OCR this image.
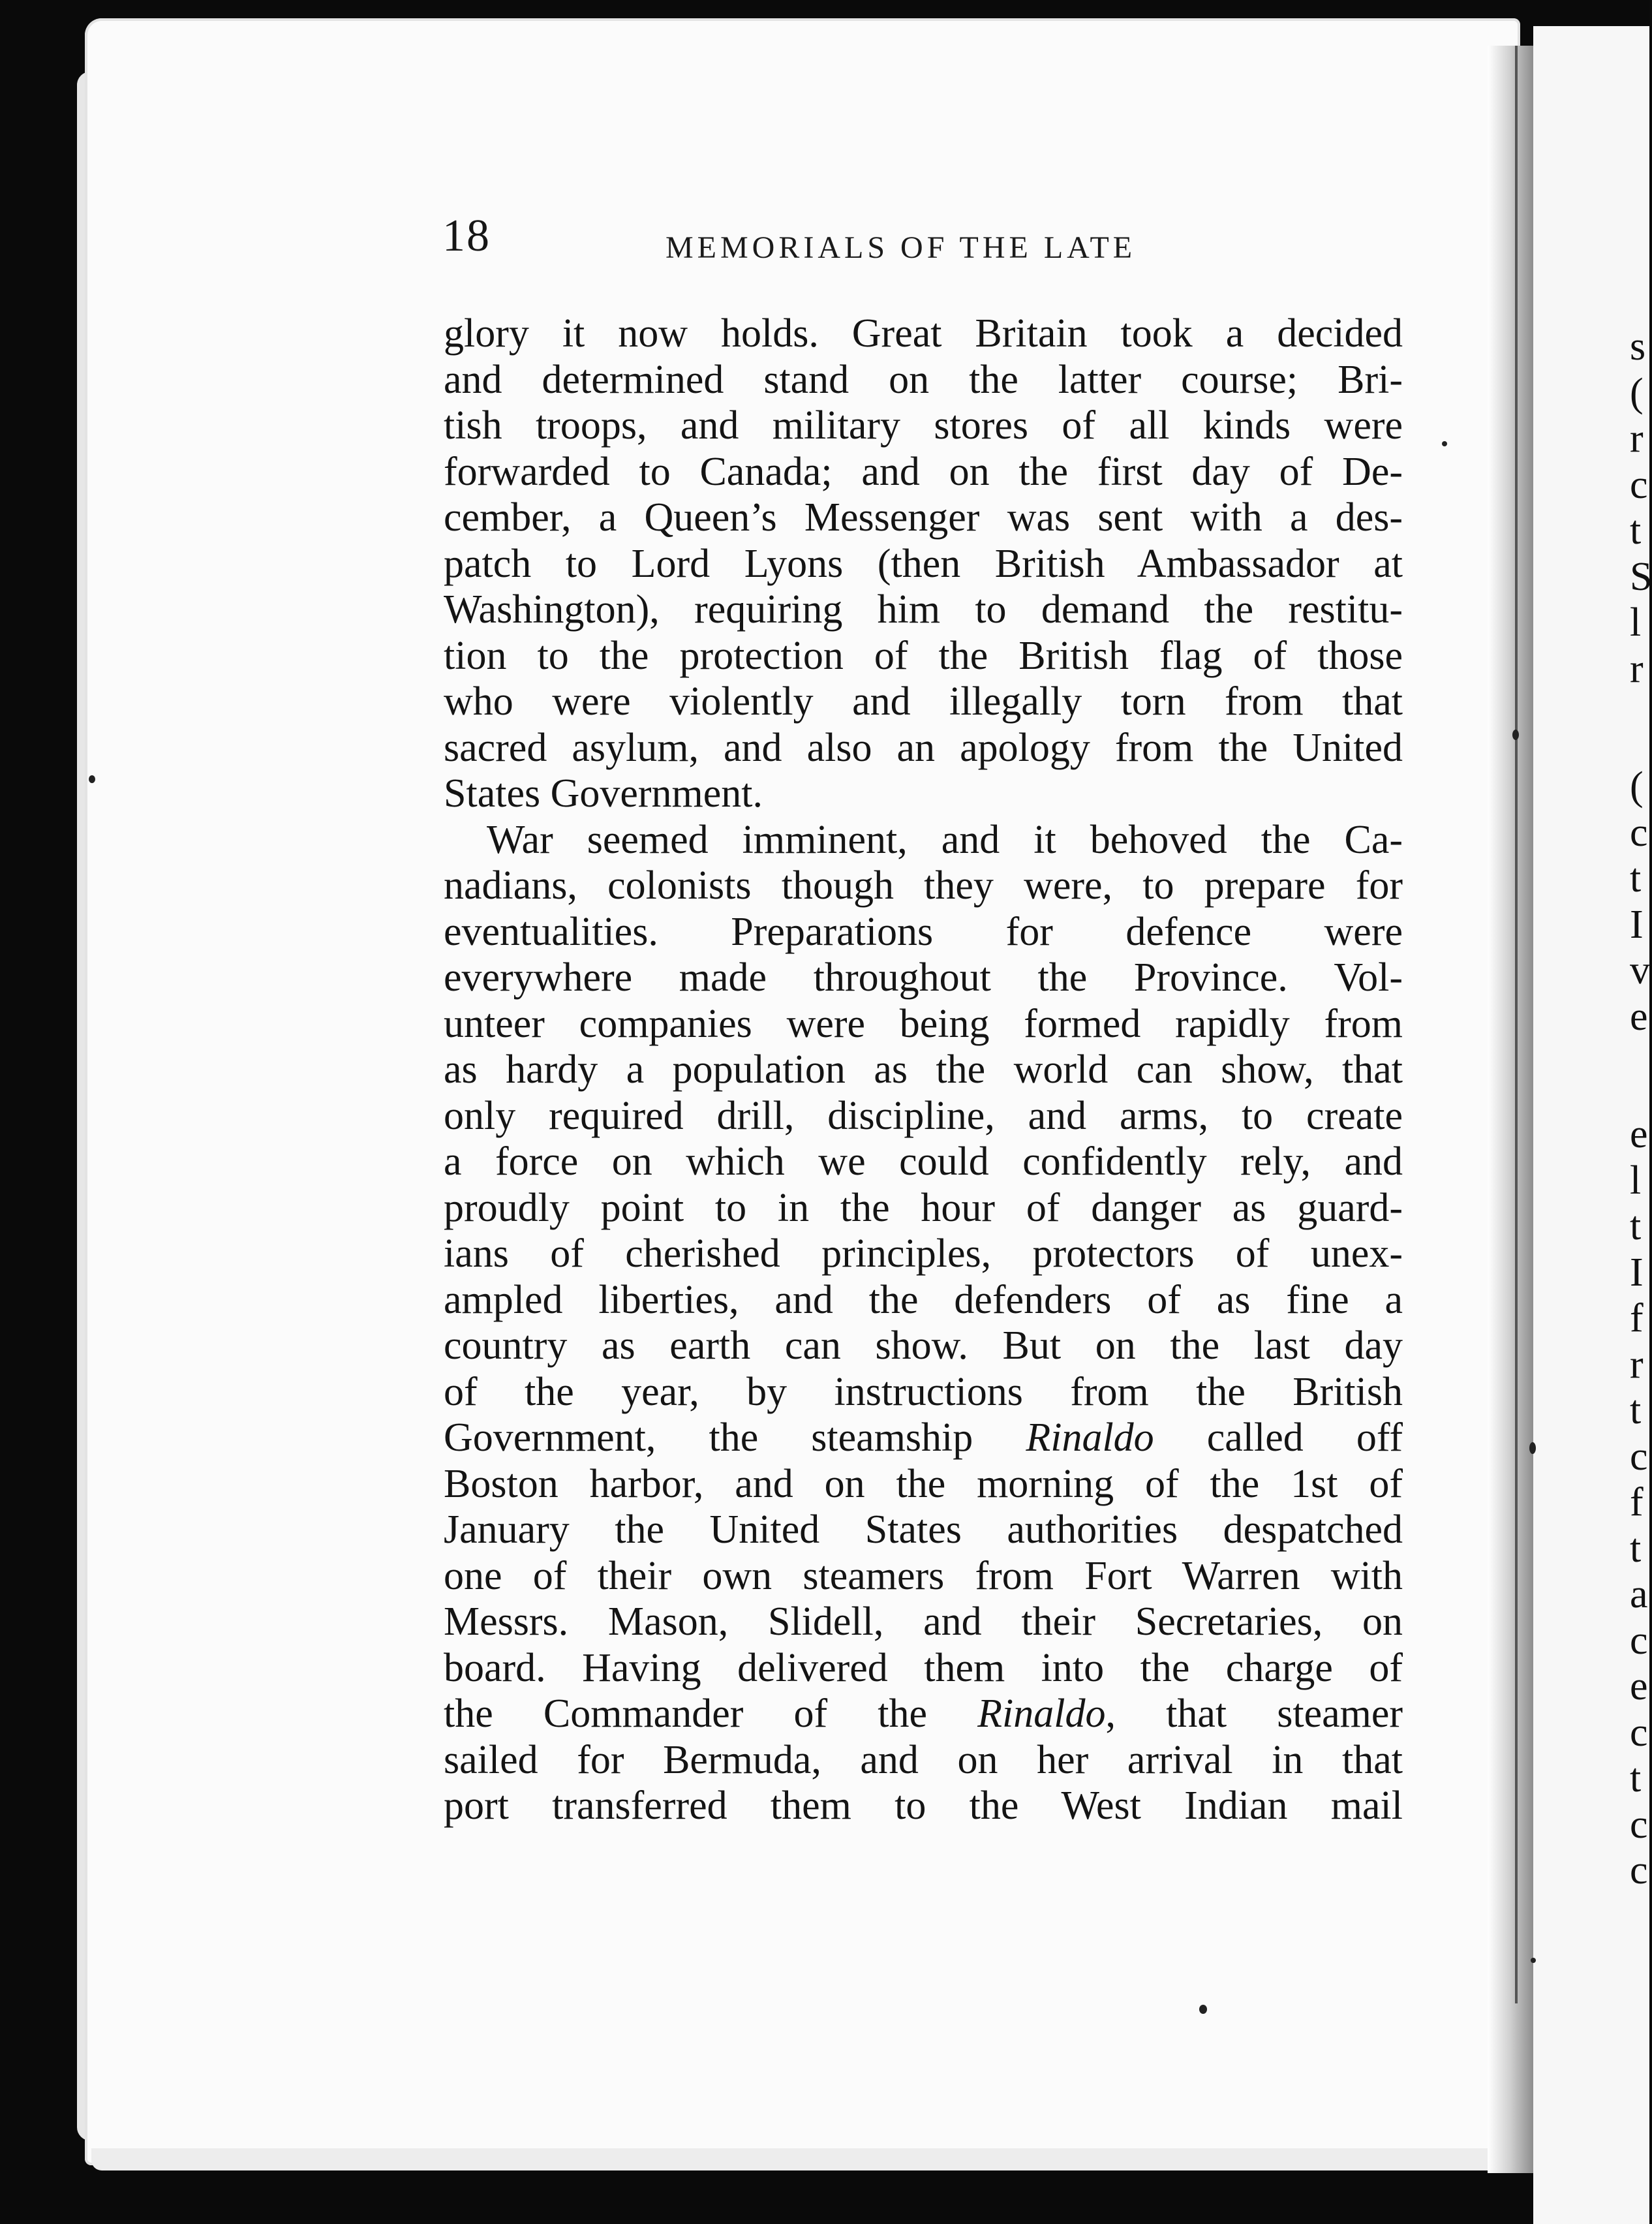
s
(
r
c
t
S
l
r
(
c
t
I
v
e
e
l
t
I
f
r
t
c
f
t
a
c
e
c
t
c
c
18	MEMORIALS OF THE LATE
glory it now holds. Great Britain took a decided
and determined stand on the latter course; Bri-
tish troops, and military stores of all kinds were
forwarded to Canada; and on the first day of De-
cember, a Queen’s Messenger was sent with a des-
patch to Lord Lyons (then British Ambassador at
Washington), requiring him to demand the restitu-
tion to the protection of the British flag of those
who were violently and illegally torn from that
sacred asylum, and also an apology from the United
States Government.
War seemed imminent, and it behoved the Ca-
nadians, colonists though they were, to prepare for
eventualities. Preparations for defence were
everywhere made throughout the Province. Vol-
unteer companies were being formed rapidly from
as hardy a population as the world can show, that
only required drill, discipline, and arms, to create
a force on which we could confidently rely, and
proudly point to in the hour of danger as guard-
ians of cherished principles, protectors of unex-
ampled liberties, and the defenders of as fine a
country as earth can show. But on the last day
of the year, by instructions from the British
Government, the steamship Rinaldo called off
Boston harbor, and on the morning of the 1st of
January the United States authorities despatched
one of their own steamers from Fort Warren with
Messrs. Mason, Slidell, and their Secretaries, on
board. Having delivered them into the charge of
the Commander of the Rinaldo, that steamer
sailed for Bermuda, and on her arrival in that
port transferred them to the West Indian mail
